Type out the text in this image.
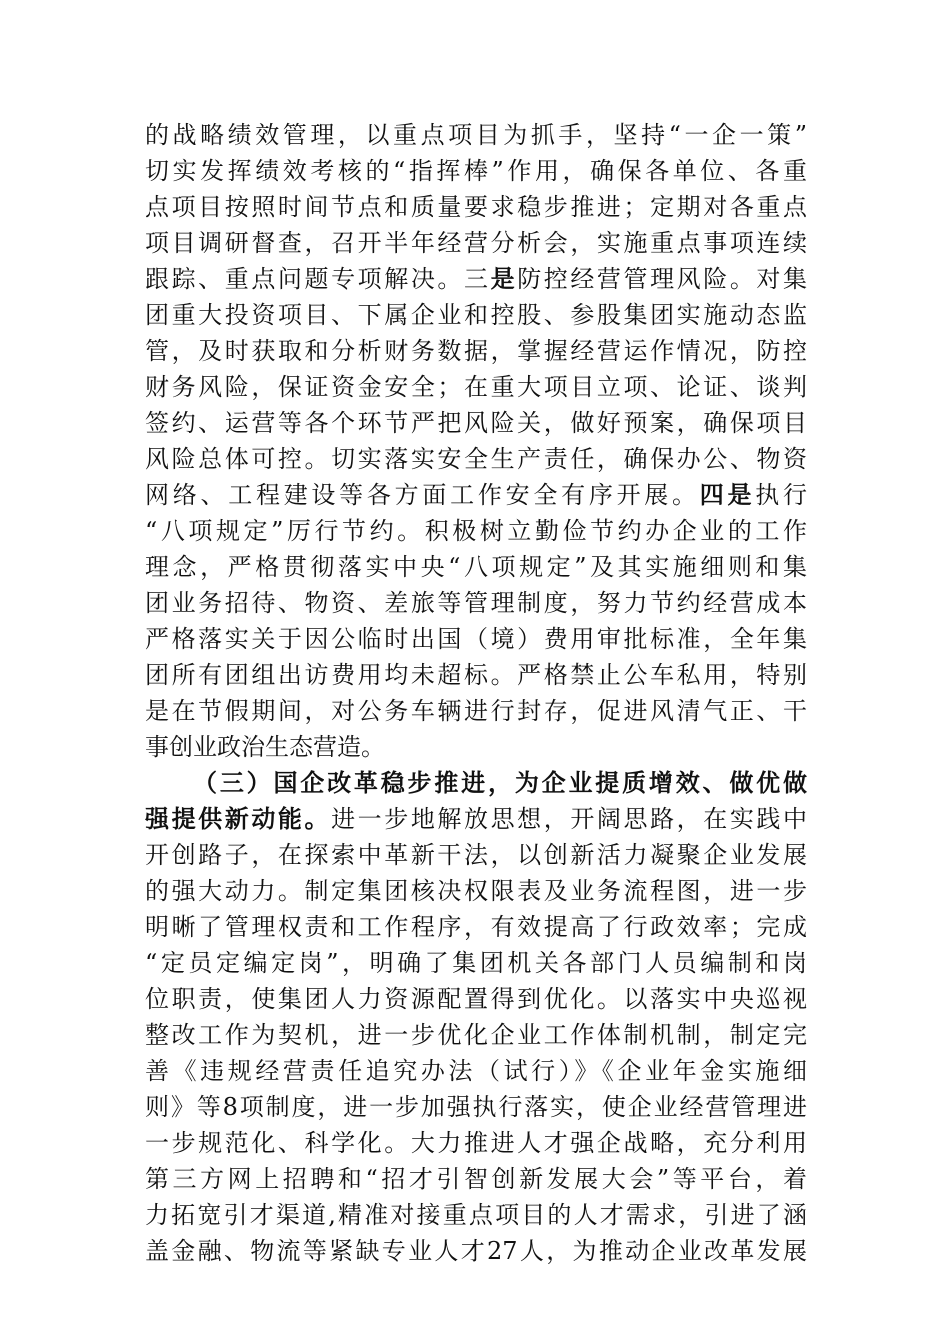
的战略绩效管理，以重点项目为抓手，坚持“一企一策”
切实发挥绩效考核的“指挥棒”作用，确保各单位、各重
点项目按照时间节点和质量要求稳步推进；定期对各重点
项目调研督查，召开半年经营分析会，实施重点事项连续
跟踪、重点问题专项解决。三是防控经营管理风险。对集
团重大投资项目、下属企业和控股、参股集团实施动态监
管，及时获取和分析财务数据，掌握经营运作情况，防控
财务风险，保证资金安全；在重大项目立项、论证、谈判
签约、运营等各个环节严把风险关，做好预案，确保项目
风险总体可控。切实落实安全生产责任，确保办公、物资
网络、工程建设等各方面工作安全有序开展。四是执行
“八项规定”厉行节约。积极树立勤俭节约办企业的工作
理念，严格贯彻落实中央“八项规定”及其实施细则和集
团业务招待、物资、差旅等管理制度，努力节约经营成本
严格落实关于因公临时出国（境）费用审批标准，全年集
团所有团组出访费用均未超标。严格禁止公车私用，特别
是在节假期间，对公务车辆进行封存，促进风清气正、干
事创业政治生态营造。
（三）国企改革稳步推进，为企业提质增效、做优做
强提供新动能。进一步地解放思想，开阔思路，在实践中
开创路子，在探索中革新干法，以创新活力凝聚企业发展
的强大动力。制定集团核决权限表及业务流程图，进一步
明晰了管理权责和工作程序，有效提高了行政效率；完成
“定员定编定岗”，明确了集团机关各部门人员编制和岗
位职责，使集团人力资源配置得到优化。以落实中央巡视
整改工作为契机，进一步优化企业工作体制机制，制定完
善《违规经营责任追究办法（试行）》《企业年金实施细
则》等8项制度，进一步加强执行落实，使企业经营管理进
一步规范化、科学化。大力推进人才强企战略，充分利用
第三方网上招聘和“招才引智创新发展大会”等平台，着
力拓宽引才渠道,精准对接重点项目的人才需求，引进了涵
盖金融、物流等紧缺专业人才27人，为推动企业改革发展
